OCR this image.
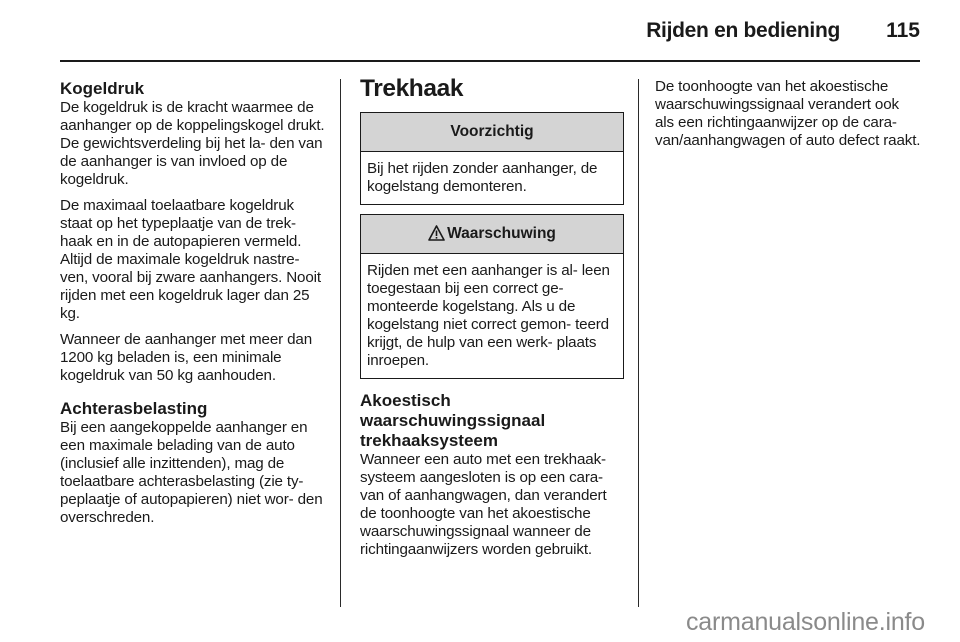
Rijden en bediening	115
Kogeldruk

De kogeldruk is de kracht waarmee de aanhanger op de koppelingskogel drukt. De gewichtsverdeling bij het la- den van de aanhanger is van invloed op de kogeldruk.

De maximaal toelaatbare kogeldruk staat op het typeplaatje van de trek- haak en in de autopapieren vermeld. Altijd de maximale kogeldruk nastre- ven, vooral bij zware aanhangers. Nooit rijden met een kogeldruk lager dan 25 kg.

Wanneer de aanhanger met meer dan 1200 kg beladen is, een minimale kogeldruk van 50 kg aanhouden.

Achterasbelasting

Bij een aangekoppelde aanhanger en een maximale belading van de auto (inclusief alle inzittenden), mag de toelaatbare achterasbelasting (zie ty- peplaatje of autopapieren) niet wor- den overschreden.

Trekhaak
Voorzichtig
Bij het rijden zonder aanhanger, de kogelstang demonteren.
Waarschuwing
Rijden met een aanhanger is al- leen toegestaan bij een correct ge- monteerde kogelstang. Als u de kogelstang niet correct gemon- teerd krijgt, de hulp van een werk- plaats inroepen.
Akoestisch waarschuwingssignaal trekhaaksysteem

Wanneer een auto met een trekhaak- systeem aangesloten is op een cara- van of aanhangwagen, dan verandert de toonhoogte van het akoestische waarschuwingssignaal wanneer de richtingaanwijzers worden gebruikt.

De toonhoogte van het akoestische waarschuwingssignaal verandert ook als een richtingaanwijzer op de cara- van/aanhangwagen of auto defect raakt.

carmanualsonline.info
